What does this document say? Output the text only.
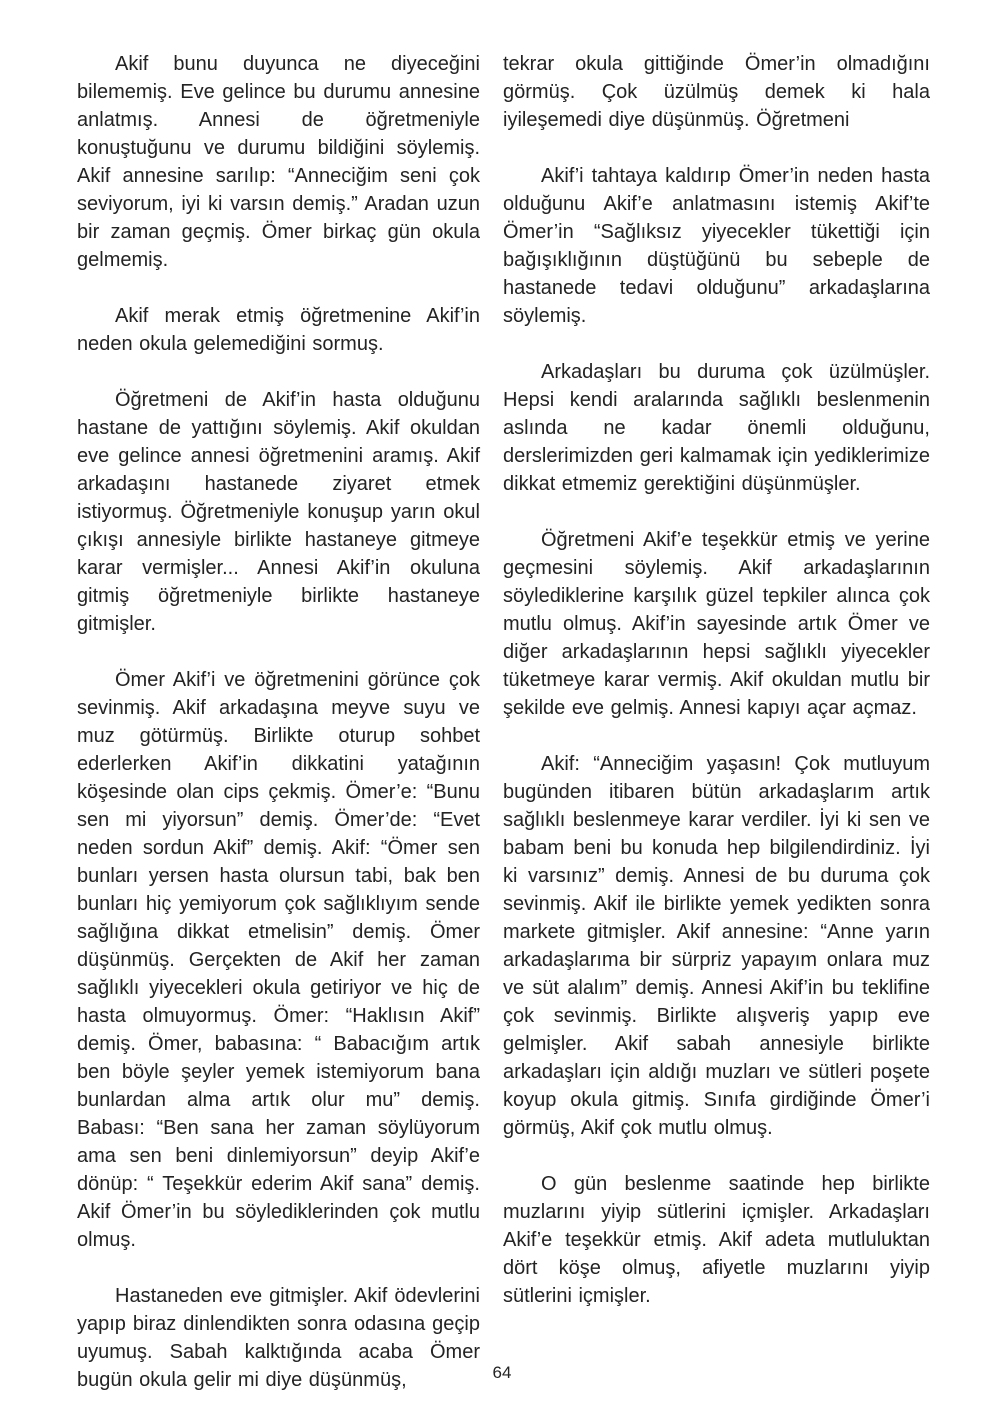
Akif bunu duyunca ne diyeceğini bilememiş. Eve gelince bu durumu annesine anlatmış. Annesi de öğretmeniyle konuştuğunu ve durumu bildiğini söylemiş. Akif annesine sarılıp: “Anneciğim seni çok seviyorum, iyi ki varsın demiş.” Aradan uzun bir zaman geçmiş. Ömer birkaç gün okula gelmemiş.

Akif merak etmiş öğretmenine Akif’in neden okula gelemediğini sormuş.

Öğretmeni de Akif’in hasta olduğunu hastane de yattığını söylemiş. Akif okuldan eve gelince annesi öğretmenini aramış. Akif arkadaşını hastanede ziyaret etmek istiyormuş. Öğretmeniyle konuşup yarın okul çıkışı annesiyle birlikte hastaneye gitmeye karar vermişler... Annesi Akif’in okuluna gitmiş öğretmeniyle birlikte hastaneye gitmişler.

Ömer Akif’i ve öğretmenini görünce çok sevinmiş. Akif arkadaşına meyve suyu ve muz götürmüş. Birlikte oturup sohbet ederlerken Akif’in dikkatini yatağının köşesinde olan cips çekmiş. Ömer’e: “Bunu sen mi yiyorsun” demiş. Ömer’de: “Evet neden sordun Akif” demiş. Akif: “Ömer sen bunları yersen hasta olursun tabi, bak ben bunları hiç yemiyorum çok sağlıklıyım sende sağlığına dikkat etmelisin” demiş. Ömer düşünmüş. Gerçekten de Akif her zaman sağlıklı yiyecekleri okula getiriyor ve hiç de hasta olmuyormuş. Ömer: “Haklısın Akif” demiş. Ömer, babasına: “ Babacığım artık ben böyle şeyler yemek istemiyorum bana bunlardan alma artık olur mu” demiş. Babası: “Ben sana her zaman söylüyorum ama sen beni dinlemiyorsun” deyip Akif’e dönüp: “ Teşekkür ederim Akif sana” demiş. Akif Ömer’in bu söylediklerinden çok mutlu olmuş.

Hastaneden eve gitmişler. Akif ödevlerini yapıp biraz dinlendikten sonra odasına geçip uyumuş. Sabah kalktığında acaba Ömer bugün okula gelir mi diye düşünmüş,

tekrar okula gittiğinde Ömer’in olmadığını görmüş. Çok üzülmüş demek ki hala iyileşemedi diye düşünmüş. Öğretmeni

Akif’i tahtaya kaldırıp Ömer’in neden hasta olduğunu Akif’e anlatmasını istemiş Akif’te Ömer’in “Sağlıksız yiyecekler tükettiği için bağışıklığının düştüğünü bu sebeple de hastanede tedavi olduğunu” arkadaşlarına söylemiş.

Arkadaşları bu duruma çok üzülmüşler. Hepsi kendi aralarında sağlıklı beslenmenin aslında ne kadar önemli olduğunu, derslerimizden geri kalmamak için yediklerimize dikkat etmemiz gerektiğini düşünmüşler.

Öğretmeni Akif’e teşekkür etmiş ve yerine geçmesini söylemiş. Akif arkadaşlarının söylediklerine karşılık güzel tepkiler alınca çok mutlu olmuş. Akif’in sayesinde artık Ömer ve diğer arkadaşlarının hepsi sağlıklı yiyecekler tüketmeye karar vermiş. Akif okuldan mutlu bir şekilde eve gelmiş. Annesi kapıyı açar açmaz.

Akif: “Anneciğim yaşasın! Çok mutluyum bugünden itibaren bütün arkadaşlarım artık sağlıklı beslenmeye karar verdiler. İyi ki sen ve babam beni bu konuda hep bilgilendirdiniz. İyi ki varsınız” demiş. Annesi de bu duruma çok sevinmiş. Akif ile birlikte yemek yedikten sonra markete gitmişler. Akif annesine: “Anne yarın arkadaşlarıma bir sürpriz yapayım onlara muz ve süt alalım” demiş. Annesi Akif’in bu teklifine çok sevinmiş. Birlikte alışveriş yapıp eve gelmişler. Akif sabah annesiyle birlikte arkadaşları için aldığı muzları ve sütleri poşete koyup okula gitmiş. Sınıfa girdiğinde Ömer’i görmüş, Akif çok mutlu olmuş.

O gün beslenme saatinde hep birlikte muzlarını yiyip sütlerini içmişler. Arkadaşları Akif’e teşekkür etmiş. Akif adeta mutluluktan dört köşe olmuş, afiyetle muzlarını yiyip sütlerini içmişler.

64
